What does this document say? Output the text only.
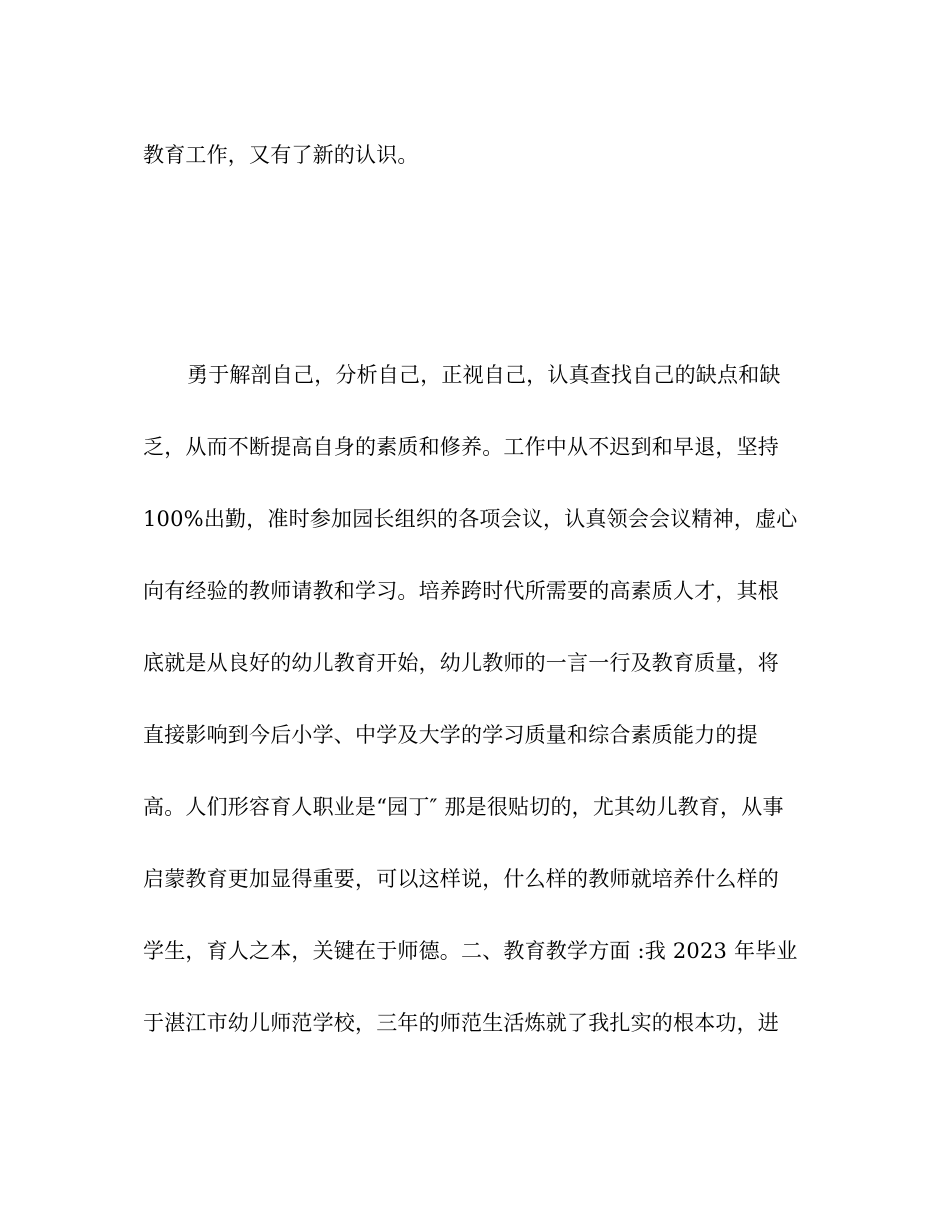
教育工作，又有了新的认识。
勇于解剖自己，分析自己，正视自己，认真查找自己的缺点和缺
乏，从而不断提高自身的素质和修养。工作中从不迟到和早退，坚持
100%出勤，准时参加园长组织的各项会议，认真领会会议精神，虚心
向有经验的教师请教和学习。培养跨时代所需要的高素质人才，其根
底就是从良好的幼儿教育开始，幼儿教师的一言一行及教育质量，将
直接影响到今后小学、中学及大学的学习质量和综合素质能力的提
高。人们形容育人职业是“园丁″ 那是很贴切的，尤其幼儿教育，从事
启蒙教育更加显得重要，可以这样说，什么样的教师就培养什么样的
学生，育人之本，关键在于师德。二、教育教学方面 :我 2023 年毕业
于湛江市幼儿师范学校，三年的师范生活炼就了我扎实的根本功，进
